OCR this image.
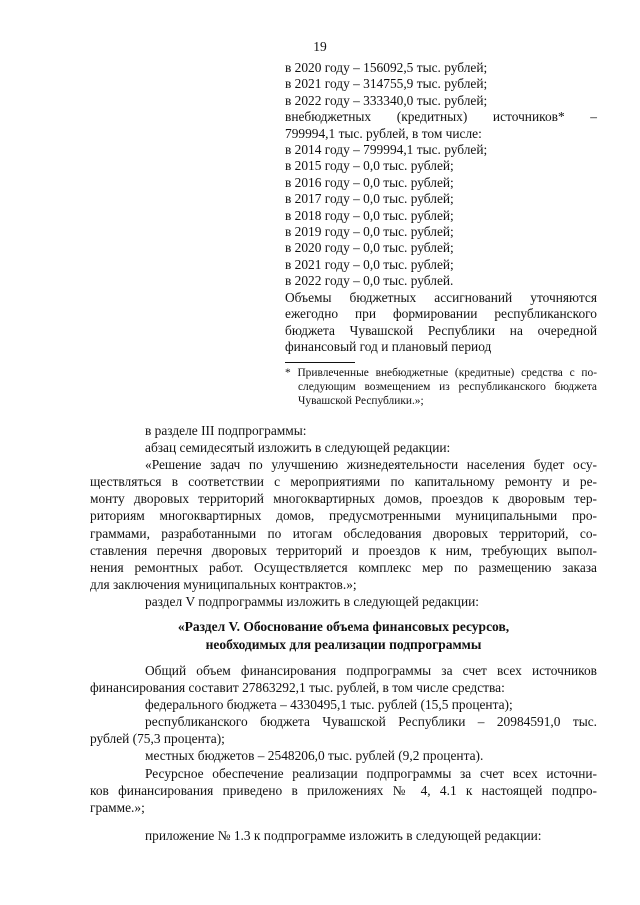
19
в 2020 году – 156092,5 тыс. рублей;
в 2021 году – 314755,9 тыс. рублей;
в 2022 году – 333340,0 тыс. рублей;
внебюджетных (кредитных) источников* –
799994,1 тыс. рублей, в том числе:
в 2014 году – 799994,1 тыс. рублей;
в 2015 году – 0,0 тыс. рублей;
в 2016 году – 0,0 тыс. рублей;
в 2017 году – 0,0 тыс. рублей;
в 2018 году – 0,0 тыс. рублей;
в 2019 году – 0,0 тыс. рублей;
в 2020 году – 0,0 тыс. рублей;
в 2021 году – 0,0 тыс. рублей;
в 2022 году – 0,0 тыс. рублей.
Объемы бюджетных ассигнований уточняются
ежегодно при формировании республиканского
бюджета Чувашской Республики на очередной
финансовый год и плановый период
* Привлеченные внебюджетные (кредитные) средства с по-
следующим возмещением из республиканского бюджета
Чувашской Республики.»;
в разделе III подпрограммы:
абзац семидесятый изложить в следующей редакции:
«Решение задач по улучшению жизнедеятельности населения будет осу-
ществляться в соответствии с мероприятиями по капитальному ремонту и ре-
монту дворовых территорий многоквартирных домов, проездов к дворовым тер-
риториям многоквартирных домов, предусмотренными муниципальными про-
граммами, разработанными по итогам обследования дворовых территорий, со-
ставления перечня дворовых территорий и проездов к ним, требующих выпол-
нения ремонтных работ. Осуществляется комплекс мер по размещению заказа
для заключения муниципальных контрактов.»;
раздел V подпрограммы изложить в следующей редакции:
«Раздел V. Обоснование объема финансовых ресурсов,
необходимых для реализации подпрограммы
Общий объем финансирования подпрограммы за счет всех источников
финансирования составит 27863292,1 тыс. рублей, в том числе средства:
федерального бюджета – 4330495,1 тыс. рублей (15,5 процента);
республиканского бюджета Чувашской Республики – 20984591,0 тыс.
рублей (75,3 процента);
местных бюджетов – 2548206,0 тыс. рублей (9,2 процента).
Ресурсное обеспечение реализации подпрограммы за счет всех источни-
ков финансирования приведено в приложениях № 4, 4.1 к настоящей подпро-
грамме.»;
приложение № 1.3 к подпрограмме изложить в следующей редакции:
